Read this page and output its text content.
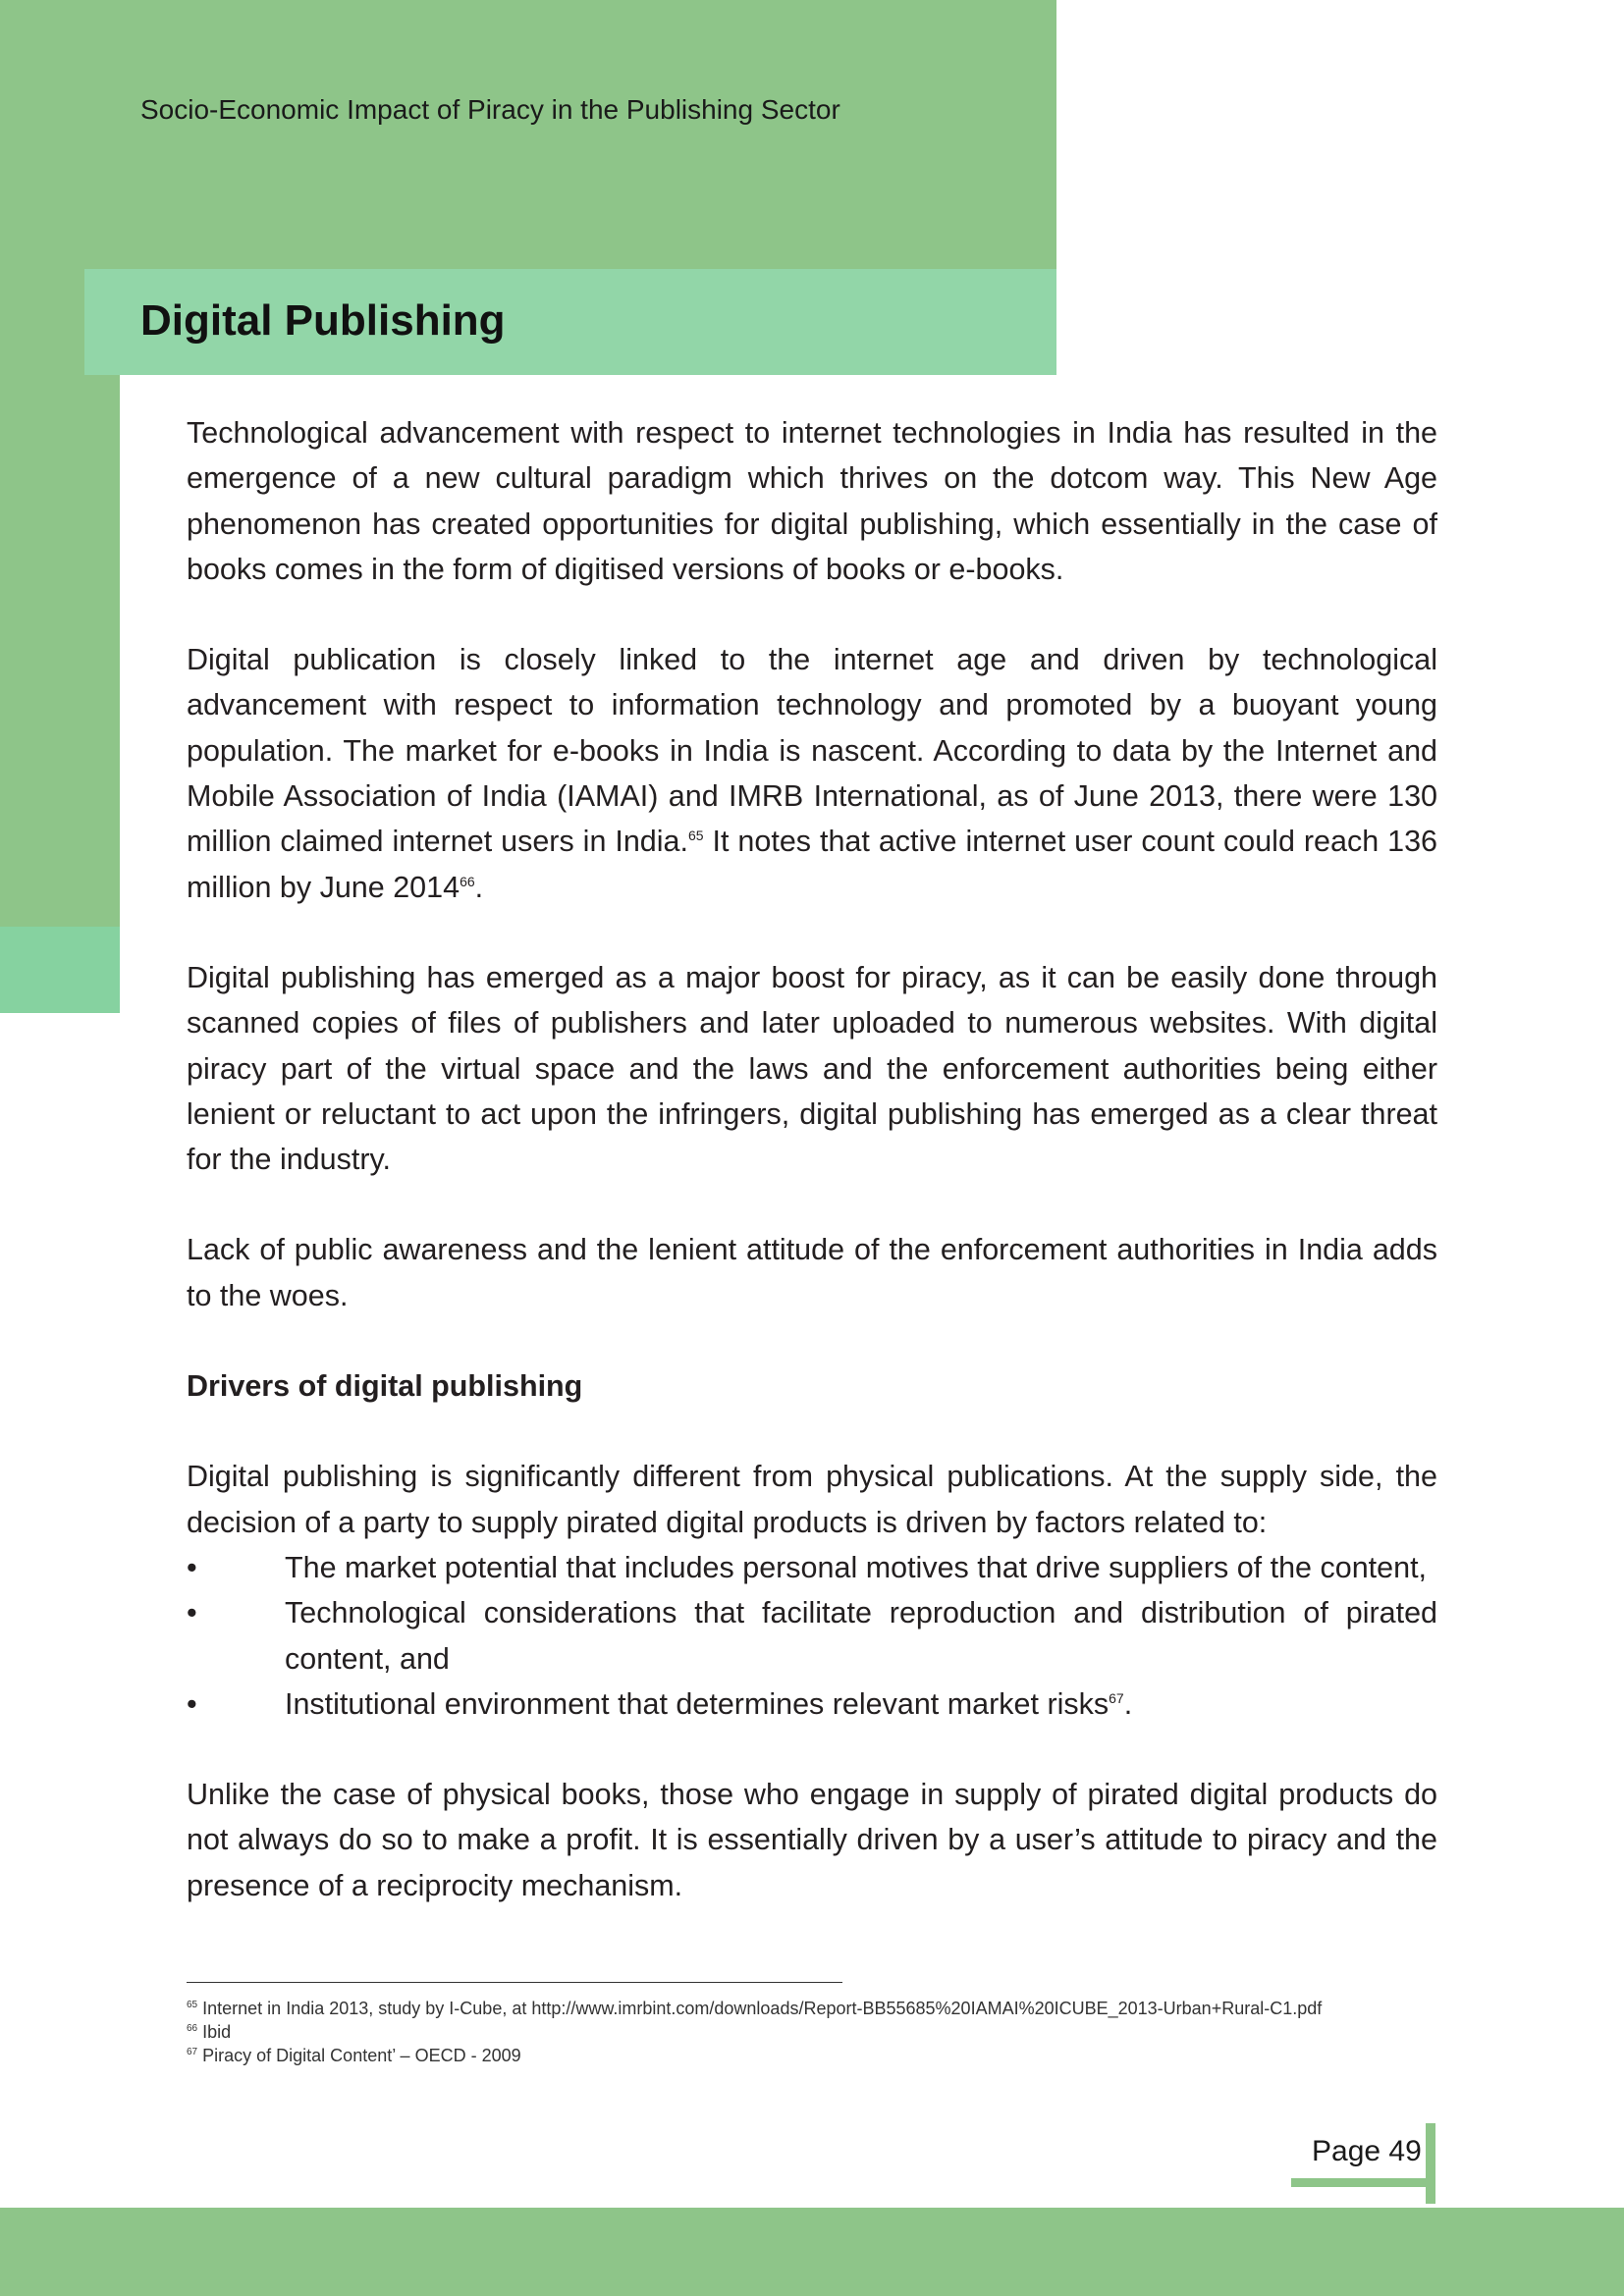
Socio-Economic Impact of Piracy in the Publishing Sector
Digital Publishing

Technological advancement with respect to internet technologies in India has resulted in the emergence of a new cultural paradigm which thrives on the dotcom way. This New Age phenomenon has created opportunities for digital publishing, which essentially in the case of books comes in the form of digitised versions of books or e-books.

Digital publication is closely linked to the internet age and driven by technological advancement with respect to information technology and promoted by a buoyant young population. The market for e-books in India is nascent. According to data by the Internet and Mobile Association of India (IAMAI) and IMRB International, as of June 2013, there were 130 million claimed internet users in India.$^{65}$ It notes that active internet user count could reach 136 million by June 2014$^{66}$.

Digital publishing has emerged as a major boost for piracy, as it can be easily done through scanned copies of files of publishers and later uploaded to numerous websites. With digital piracy part of the virtual space and the laws and the enforcement authorities being either lenient or reluctant to act upon the infringers, digital publishing has emerged as a clear threat for the industry.

Lack of public awareness and the lenient attitude of the enforcement authorities in India adds to the woes.

Drivers of digital publishing

Digital publishing is significantly different from physical publications. At the supply side, the decision of a party to supply pirated digital products is driven by factors related to:

•	The market potential that includes personal motives that drive suppliers of the content,
•	Technological considerations that facilitate reproduction and distribution of pirated content, and
•	Institutional environment that determines relevant market risks$^{67}$.

Unlike the case of physical books, those who engage in supply of pirated digital products do not always do so to make a profit. It is essentially driven by a user’s attitude to piracy and the presence of a reciprocity mechanism.

$^{65}$ Internet in India 2013, study by I-Cube, at http://www.imrbint.com/downloads/Report-BB55685%20IAMAI%20ICUBE_2013-Urban+Rural-C1.pdf
$^{66}$ Ibid
$^{67}$ Piracy of Digital Content’ – OECD - 2009
Page 49
